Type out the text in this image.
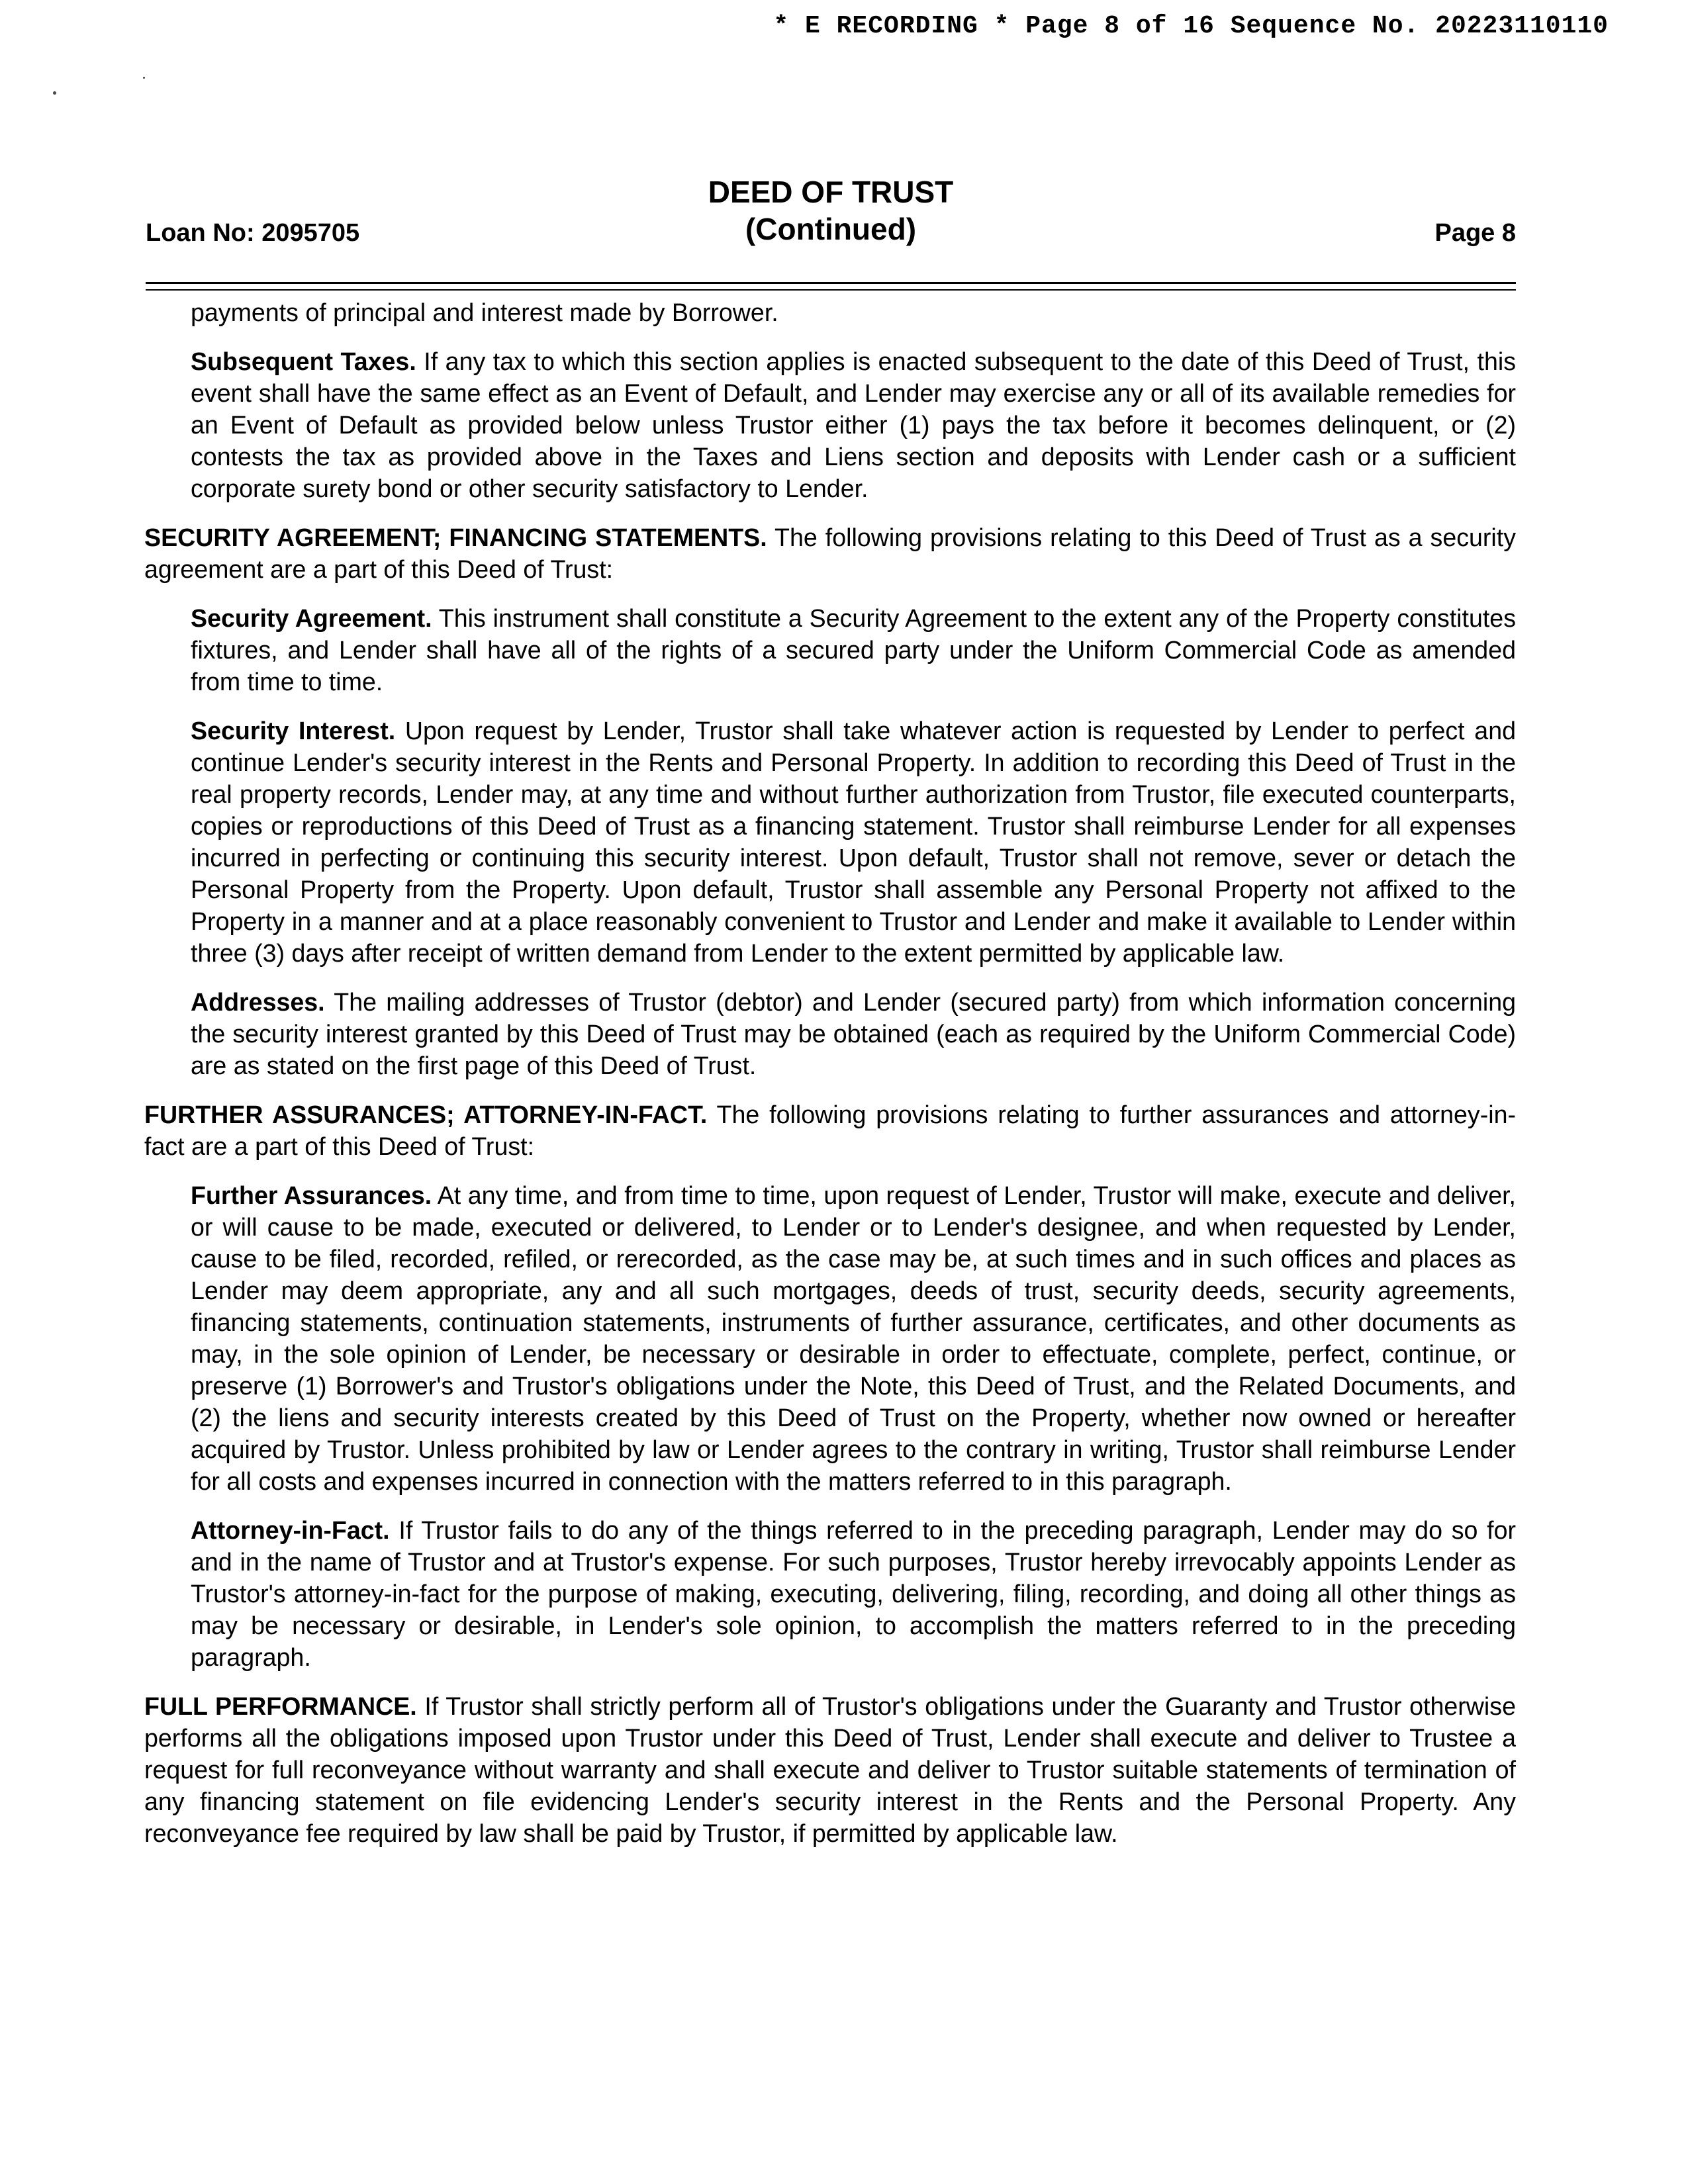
* E RECORDING * Page 8 of 16 Sequence No. 20223110110
Loan No: 2095705
DEED OF TRUST
(Continued)	Page 8

payments of principal and interest made by Borrower.

Subsequent Taxes. If any tax to which this section applies is enacted subsequent to the date of this Deed of Trust, this event shall have the same effect as an Event of Default, and Lender may exercise any or all of its available remedies for an Event of Default as provided below unless Trustor either (1) pays the tax before it becomes delinquent, or (2) contests the tax as provided above in the Taxes and Liens section and deposits with Lender cash or a sufficient corporate surety bond or other security satisfactory to Lender.

SECURITY AGREEMENT; FINANCING STATEMENTS. The following provisions relating to this Deed of Trust as a security agreement are a part of this Deed of Trust:

Security Agreement. This instrument shall constitute a Security Agreement to the extent any of the Property constitutes fixtures, and Lender shall have all of the rights of a secured party under the Uniform Commercial Code as amended from time to time.

Security Interest. Upon request by Lender, Trustor shall take whatever action is requested by Lender to perfect and continue Lender's security interest in the Rents and Personal Property. In addition to recording this Deed of Trust in the real property records, Lender may, at any time and without further authorization from Trustor, file executed counterparts, copies or reproductions of this Deed of Trust as a financing statement. Trustor shall reimburse Lender for all expenses incurred in perfecting or continuing this security interest. Upon default, Trustor shall not remove, sever or detach the Personal Property from the Property. Upon default, Trustor shall assemble any Personal Property not affixed to the Property in a manner and at a place reasonably convenient to Trustor and Lender and make it available to Lender within three (3) days after receipt of written demand from Lender to the extent permitted by applicable law.

Addresses. The mailing addresses of Trustor (debtor) and Lender (secured party) from which information concerning the security interest granted by this Deed of Trust may be obtained (each as required by the Uniform Commercial Code) are as stated on the first page of this Deed of Trust.

FURTHER ASSURANCES; ATTORNEY-IN-FACT. The following provisions relating to further assurances and attorney-in-fact are a part of this Deed of Trust:

Further Assurances. At any time, and from time to time, upon request of Lender, Trustor will make, execute and deliver, or will cause to be made, executed or delivered, to Lender or to Lender's designee, and when requested by Lender, cause to be filed, recorded, refiled, or rerecorded, as the case may be, at such times and in such offices and places as Lender may deem appropriate, any and all such mortgages, deeds of trust, security deeds, security agreements, financing statements, continuation statements, instruments of further assurance, certificates, and other documents as may, in the sole opinion of Lender, be necessary or desirable in order to effectuate, complete, perfect, continue, or preserve (1) Borrower's and Trustor's obligations under the Note, this Deed of Trust, and the Related Documents, and (2) the liens and security interests created by this Deed of Trust on the Property, whether now owned or hereafter acquired by Trustor. Unless prohibited by law or Lender agrees to the contrary in writing, Trustor shall reimburse Lender for all costs and expenses incurred in connection with the matters referred to in this paragraph.

Attorney-in-Fact. If Trustor fails to do any of the things referred to in the preceding paragraph, Lender may do so for and in the name of Trustor and at Trustor's expense. For such purposes, Trustor hereby irrevocably appoints Lender as Trustor's attorney-in-fact for the purpose of making, executing, delivering, filing, recording, and doing all other things as may be necessary or desirable, in Lender's sole opinion, to accomplish the matters referred to in the preceding paragraph.

FULL PERFORMANCE. If Trustor shall strictly perform all of Trustor's obligations under the Guaranty and Trustor otherwise performs all the obligations imposed upon Trustor under this Deed of Trust, Lender shall execute and deliver to Trustee a request for full reconveyance without warranty and shall execute and deliver to Trustor suitable statements of termination of any financing statement on file evidencing Lender's security interest in the Rents and the Personal Property. Any reconveyance fee required by law shall be paid by Trustor, if permitted by applicable law.
